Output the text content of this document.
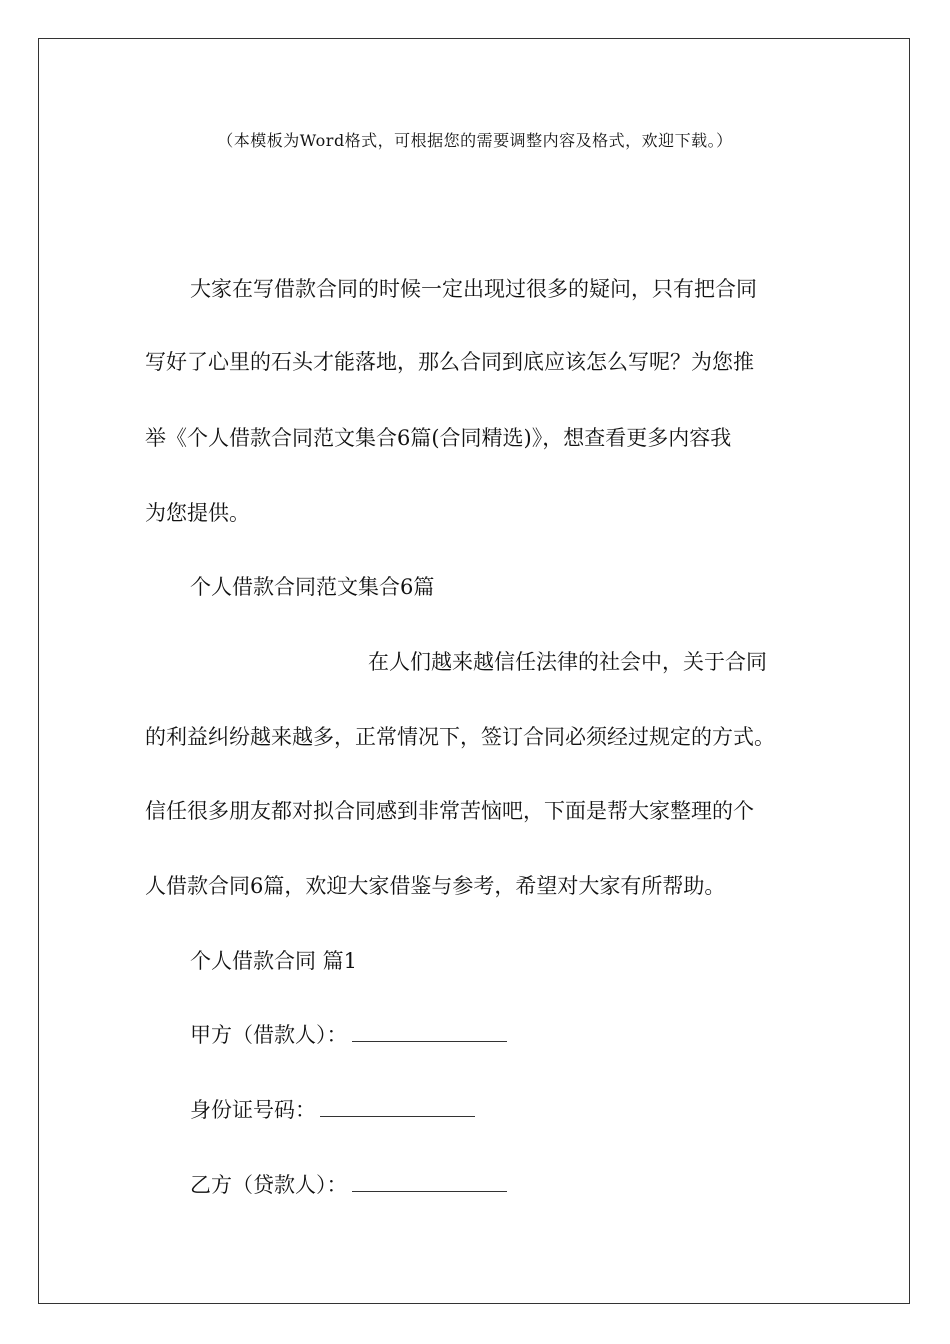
（本模板为Word格式，可根据您的需要调整内容及格式，欢迎下载。）
大家在写借款合同的时候一定出现过很多的疑问，只有把合同
写好了心里的石头才能落地，那么合同到底应该怎么写呢？为您推
举《个人借款合同范文集合6篇(合同精选)》，想查看更多内容我
为您提供。
个人借款合同范文集合6篇
在人们越来越信任法律的社会中，关于合同
的利益纠纷越来越多，正常情况下，签订合同必须经过规定的方式。
信任很多朋友都对拟合同感到非常苦恼吧，下面是帮大家整理的个
人借款合同6篇，欢迎大家借鉴与参考，希望对大家有所帮助。
个人借款合同 篇1
甲方（借款人）：
身份证号码：
乙方（贷款人）：
